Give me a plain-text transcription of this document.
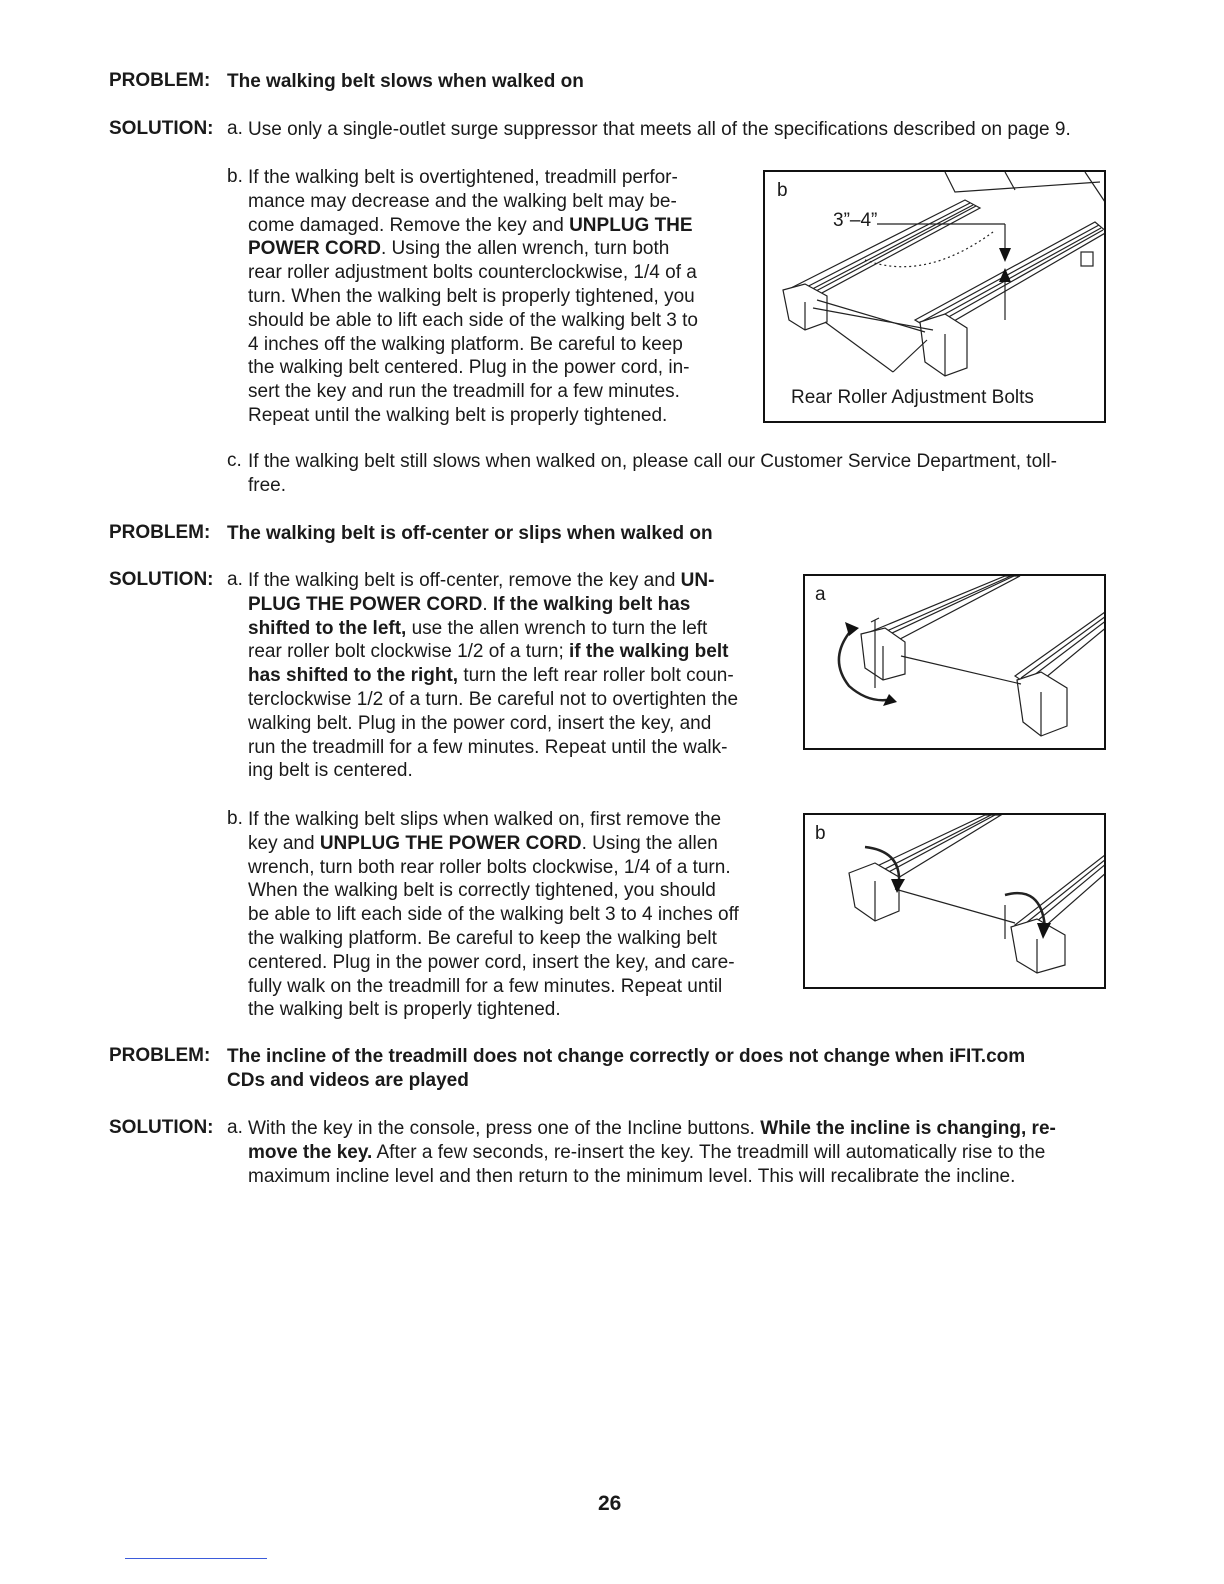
PROBLEM: The walking belt slows when walked on
SOLUTION: a. Use only a single-outlet surge suppressor that meets all of the specifications described on page 9.
b. If the walking belt is overtightened, treadmill perfor-
mance may decrease and the walking belt may be-
come damaged. Remove the key and UNPLUG THE
POWER CORD. Using the allen wrench, turn both
rear roller adjustment bolts counterclockwise, 1/4 of a
turn. When the walking belt is properly tightened, you
should be able to lift each side of the walking belt 3 to
4 inches off the walking platform. Be careful to keep
the walking belt centered. Plug in the power cord, in-
sert the key and run the treadmill for a few minutes.
Repeat until the walking belt is properly tightened.
b
3”–4”
Rear Roller Adjustment Bolts
c. If the walking belt still slows when walked on, please call our Customer Service Department, toll-
free.
PROBLEM: The walking belt is off-center or slips when walked on
SOLUTION: a. If the walking belt is off-center, remove the key and UN-
PLUG THE POWER CORD. If the walking belt has
shifted to the left, use the allen wrench to turn the left
rear roller bolt clockwise 1/2 of a turn; if the walking belt
has shifted to the right, turn the left rear roller bolt coun-
terclockwise 1/2 of a turn. Be careful not to overtighten the
walking belt. Plug in the power cord, insert the key, and
run the treadmill for a few minutes. Repeat until the walk-
ing belt is centered.
a
b. If the walking belt slips when walked on, first remove the
key and UNPLUG THE POWER CORD. Using the allen
wrench, turn both rear roller bolts clockwise, 1/4 of a turn.
When the walking belt is correctly tightened, you should
be able to lift each side of the walking belt 3 to 4 inches off
the walking platform. Be careful to keep the walking belt
centered. Plug in the power cord, insert the key, and care-
fully walk on the treadmill for a few minutes. Repeat until
the walking belt is properly tightened.
b
PROBLEM: The incline of the treadmill does not change correctly or does not change when iFIT.com
CDs and videos are played
SOLUTION: a. With the key in the console, press one of the Incline buttons. While the incline is changing, re-
move the key. After a few seconds, re-insert the key. The treadmill will automatically rise to the
maximum incline level and then return to the minimum level. This will recalibrate the incline.
26
